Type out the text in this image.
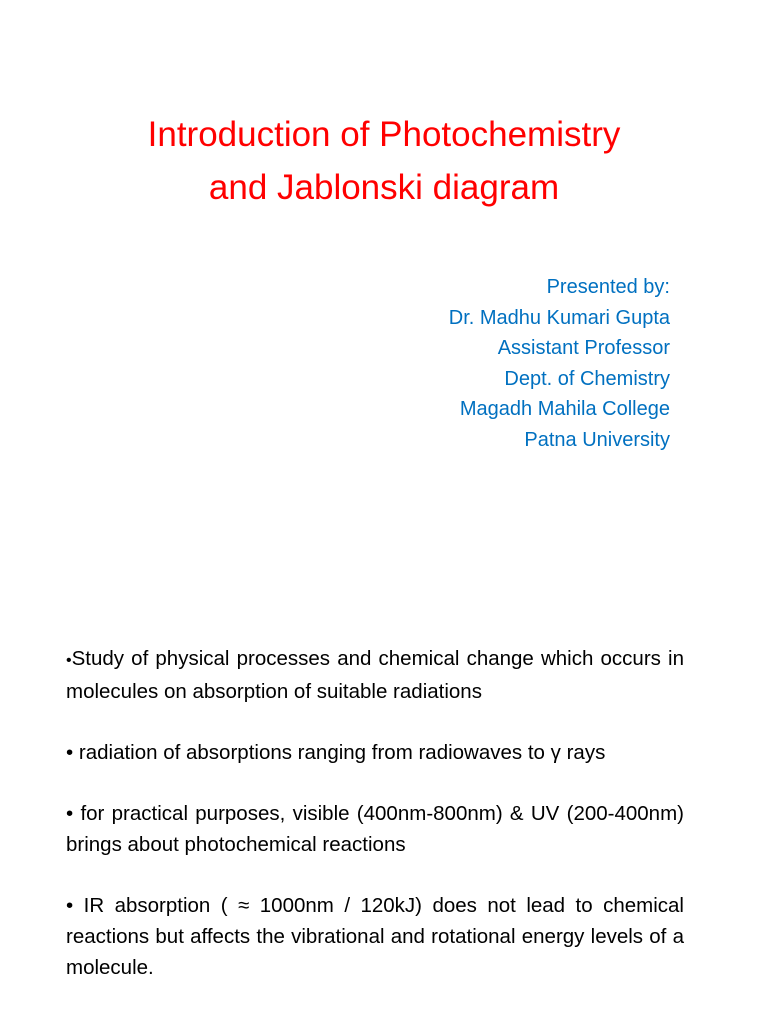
Introduction of Photochemistry
and Jablonski diagram
Presented by:
Dr. Madhu Kumari Gupta
Assistant Professor
Dept. of Chemistry
Magadh Mahila College
Patna University
•Study of physical processes and chemical change which occurs in molecules on absorption of suitable radiations
• radiation of absorptions ranging from radiowaves to γ rays
• for practical purposes, visible (400nm-800nm) & UV (200-400nm) brings about photochemical reactions
• IR absorption ( ≈ 1000nm / 120kJ) does not lead to chemical reactions but affects the vibrational and rotational energy levels of a molecule.
